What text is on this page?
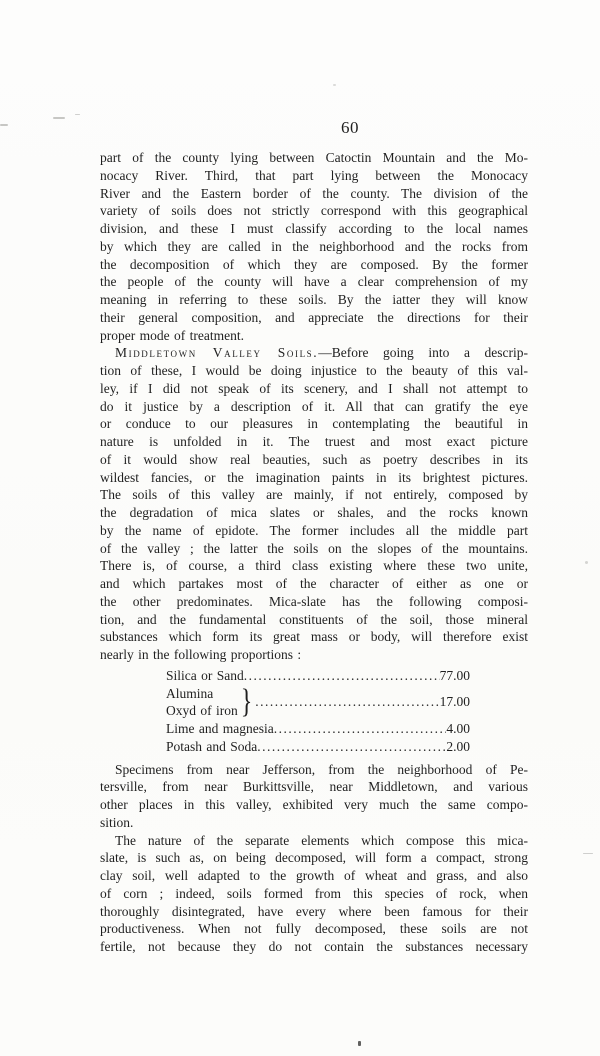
60
part of the county lying between Catoctin Mountain and the Mo-
nocacy River. Third, that part lying between the Monocacy
River and the Eastern border of the county. The division of the
variety of soils does not strictly correspond with this geographical
division, and these I must classify according to the local names
by which they are called in the neighborhood and the rocks from
the decomposition of which they are composed. By the former
the people of the county will have a clear comprehension of my
meaning in referring to these soils. By the iatter they will know
their general composition, and appreciate the directions for their
proper mode of treatment.
Middletown Valley Soils.—Before going into a descrip-
tion of these, I would be doing injustice to the beauty of this val-
ley, if I did not speak of its scenery, and I shall not attempt to
do it justice by a description of it. All that can gratify the eye
or conduce to our pleasures in contemplating the beautiful in
nature is unfolded in it. The truest and most exact picture
of it would show real beauties, such as poetry describes in its
wildest fancies, or the imagination paints in its brightest pictures.
The soils of this valley are mainly, if not entirely, composed by
the degradation of mica slates or shales, and the rocks known
by the name of epidote. The former includes all the middle part
of the valley ; the latter the soils on the slopes of the mountains.
There is, of course, a third class existing where these two unite,
and which partakes most of the character of either as one or
the other predominates. Mica-slate has the following composi-
tion, and the fundamental constituents of the soil, those mineral
substances which form its great mass or body, will therefore exist
nearly in the following proportions :
Silica or Sand .....	77.00
Alumina
Oxyd of iron } .....	17.00
Lime and magnesia .....	4.00
Potash and Soda .....	2.00
Specimens from near Jefferson, from the neighborhood of Pe-
tersville, from near Burkittsville, near Middletown, and various
other places in this valley, exhibited very much the same compo-
sition.
The nature of the separate elements which compose this mica-
slate, is such as, on being decomposed, will form a compact, strong
clay soil, well adapted to the growth of wheat and grass, and also
of corn ; indeed, soils formed from this species of rock, when
thoroughly disintegrated, have every where been famous for their
productiveness. When not fully decomposed, these soils are not
fertile, not because they do not contain the substances necessary
